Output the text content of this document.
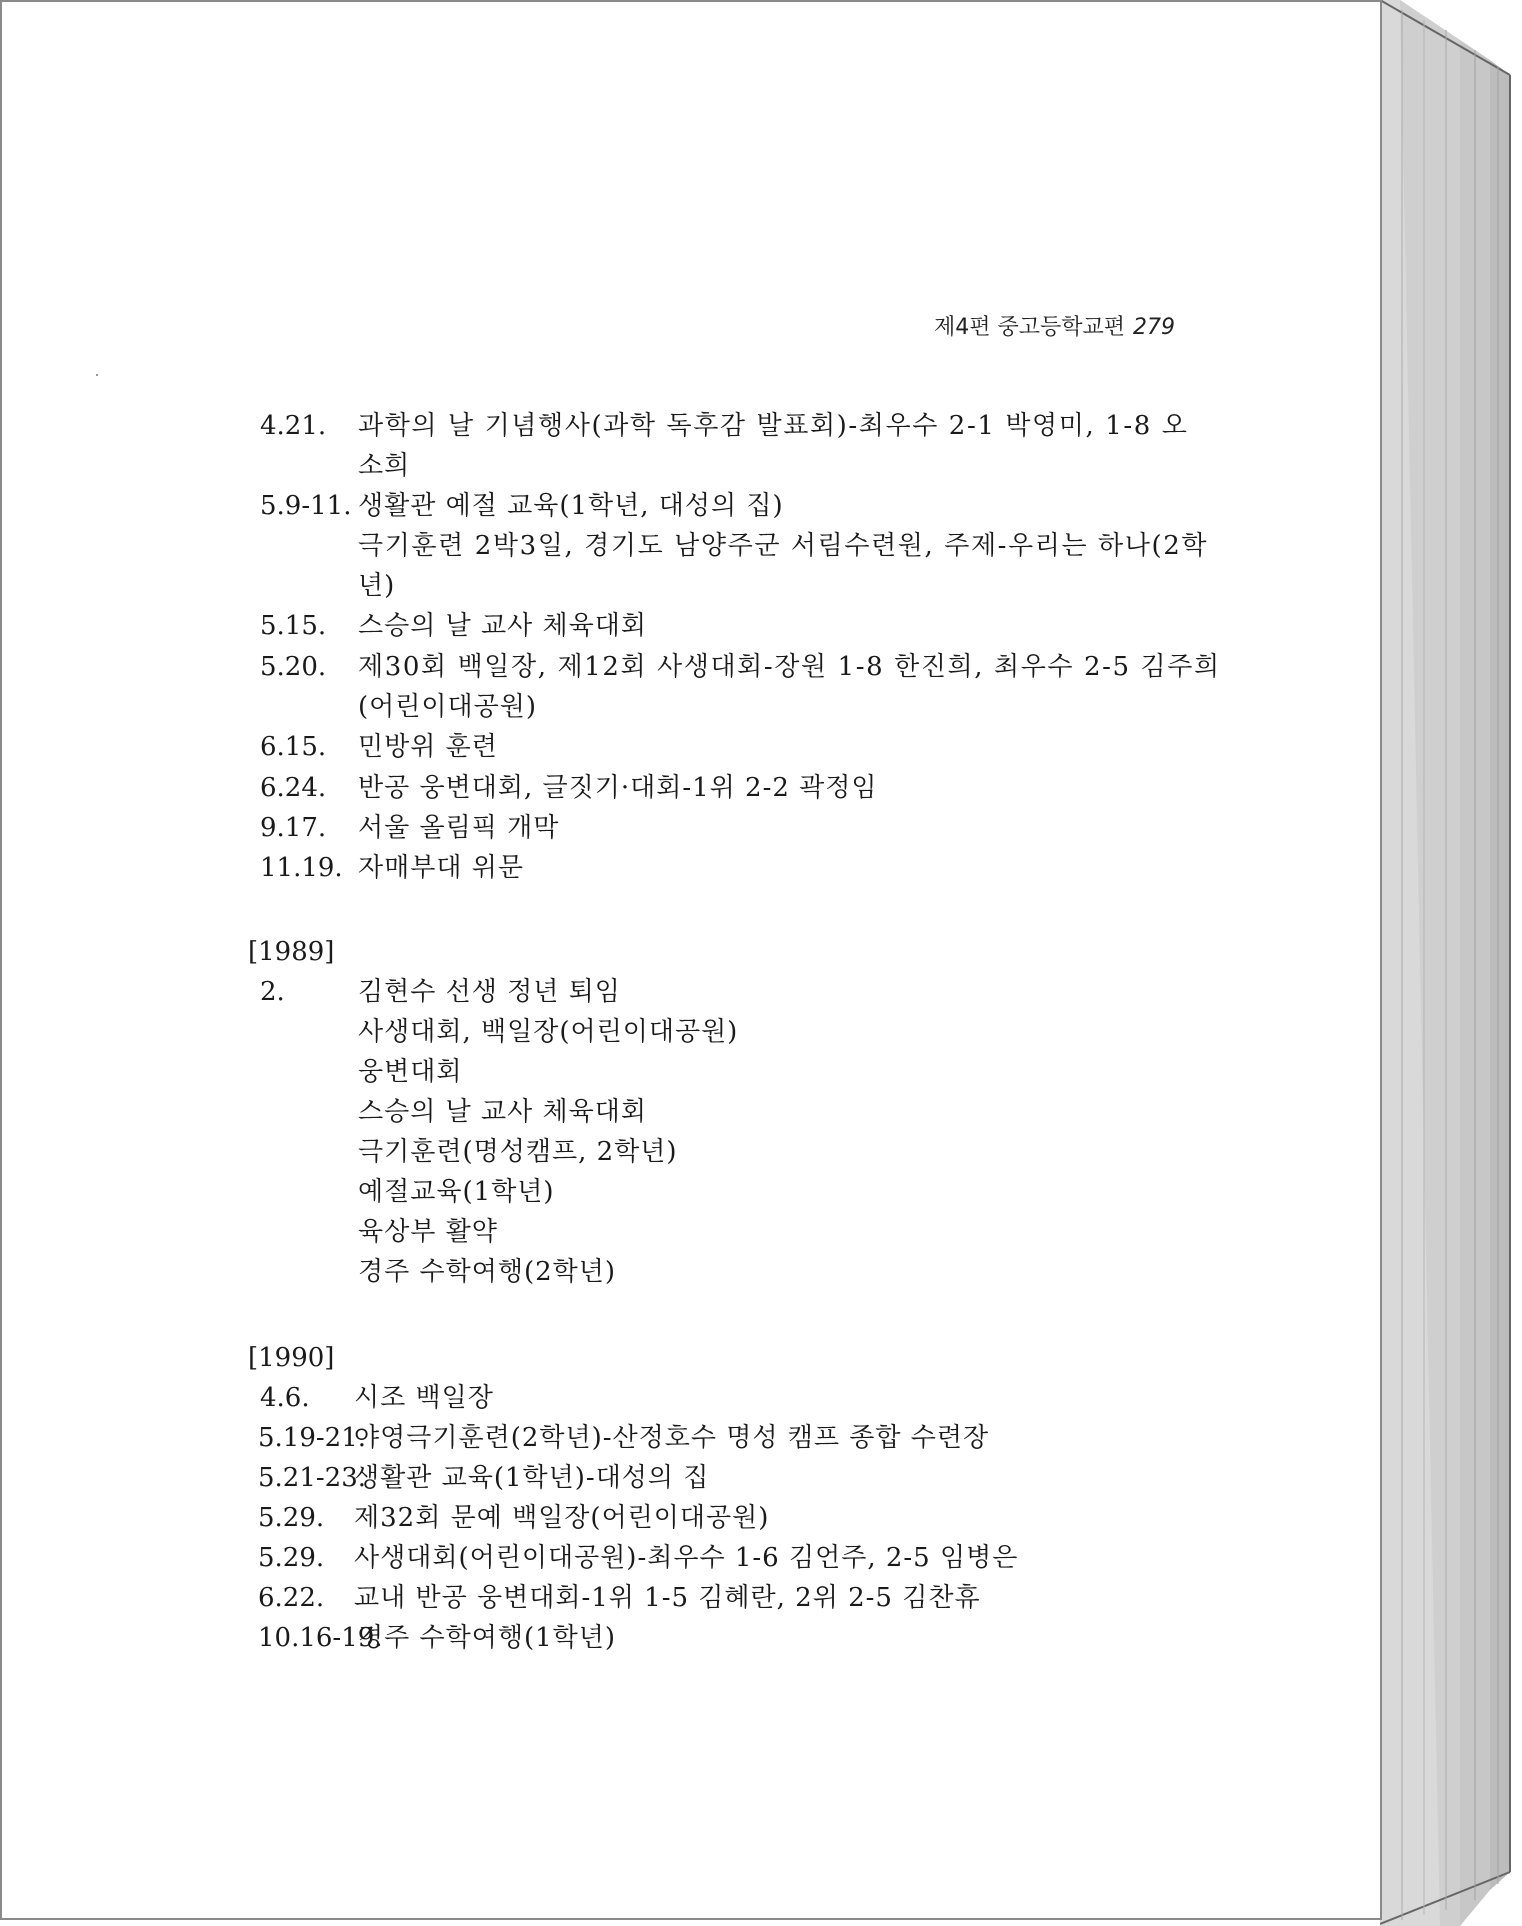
제4편 중고등학교편 279
4.21. 과학의 날 기념행사(과학 독후감 발표회)-최우수 2-1 박영미, 1-8 오
소희
5.9-11. 생활관 예절 교육(1학년, 대성의 집)
극기훈련 2박3일, 경기도 남양주군 서림수련원, 주제-우리는 하나(2학
년)
5.15. 스승의 날 교사 체육대회
5.20. 제30회 백일장, 제12회 사생대회-장원 1-8 한진희, 최우수 2-5 김주희
(어린이대공원)
6.15. 민방위 훈련
6.24. 반공 웅변대회, 글짓기·대회-1위 2-2 곽정임
9.17. 서울 올림픽 개막
11.19. 자매부대 위문
[1989]
2.	김현수 선생 정년 퇴임
사생대회, 백일장(어린이대공원)
웅변대회
스승의 날 교사 체육대회
극기훈련(명성캠프, 2학년)
예절교육(1학년)
육상부 활약
경주 수학여행(2학년)
[1990]
4.6. 시조 백일장
5.19-21.
야영극기훈련(2학년)-산정호수 명성 캠프 종합 수련장
5.21-23.
생활관 교육(1학년)-대성의 집
5.29. 제32회 문예 백일장(어린이대공원)
5.29. 사생대회(어린이대공원)-최우수 1-6 김언주, 2-5 임병은
6.22. 교내 반공 웅변대회-1위 1-5 김혜란, 2위 2-5 김찬휴
10.16-19.
경주 수학여행(1학년)
